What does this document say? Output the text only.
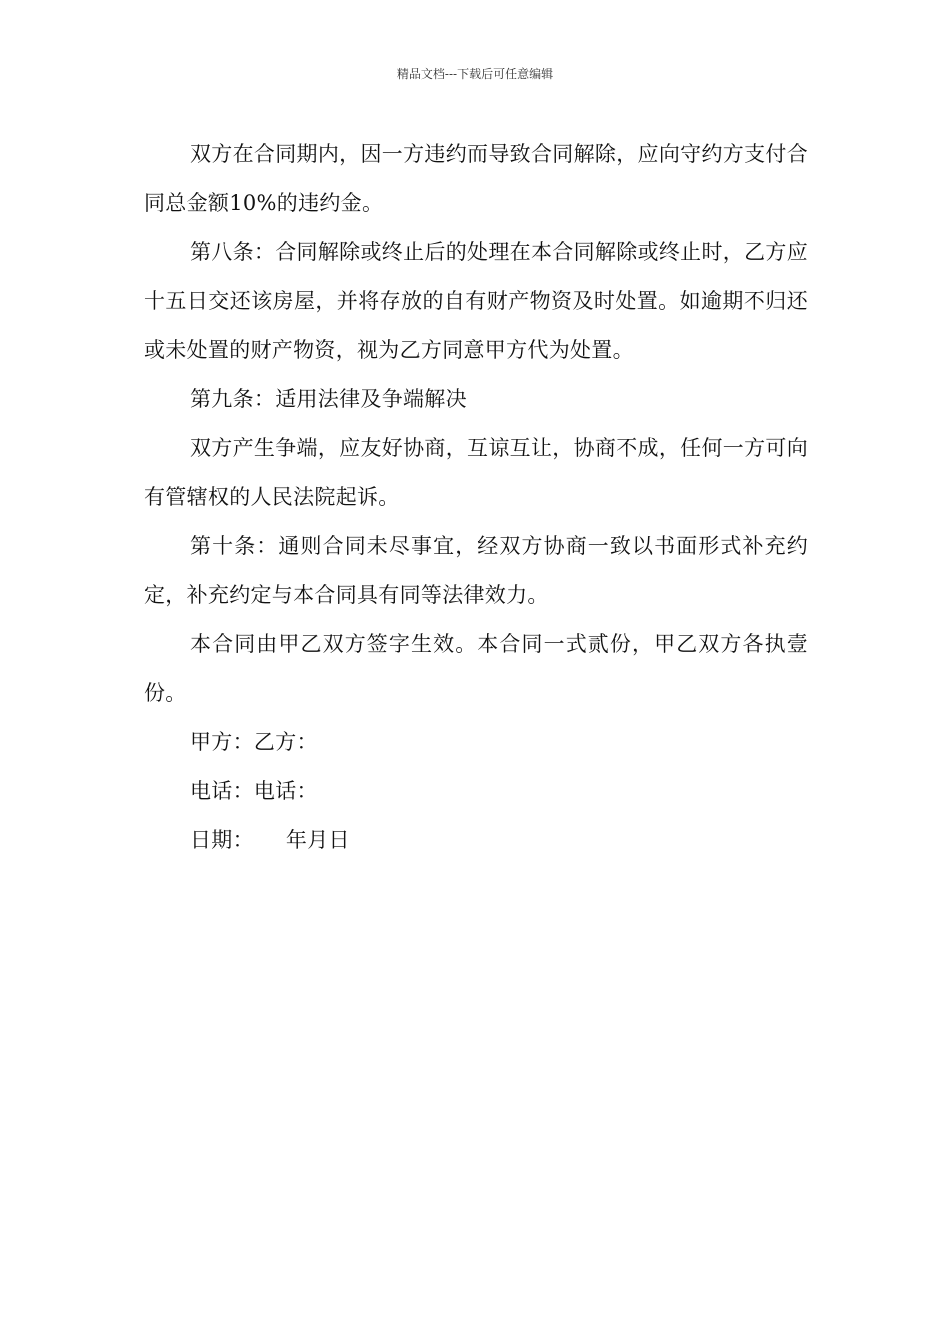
精品文档---下载后可任意编辑

双方在合同期内，因一方违约而导致合同解除，应向守约方支付合同总金额10%的违约金。

第八条：合同解除或终止后的处理在本合同解除或终止时，乙方应十五日交还该房屋，并将存放的自有财产物资及时处置。如逾期不归还或未处置的财产物资，视为乙方同意甲方代为处置。

第九条：适用法律及争端解决

双方产生争端，应友好协商，互谅互让，协商不成，任何一方可向有管辖权的人民法院起诉。

第十条：通则合同未尽事宜，经双方协商一致以书面形式补充约定，补充约定与本合同具有同等法律效力。

本合同由甲乙双方签字生效。本合同一式贰份，甲乙双方各执壹份。

甲方：乙方：

电话：电话：

日期： 年月日
